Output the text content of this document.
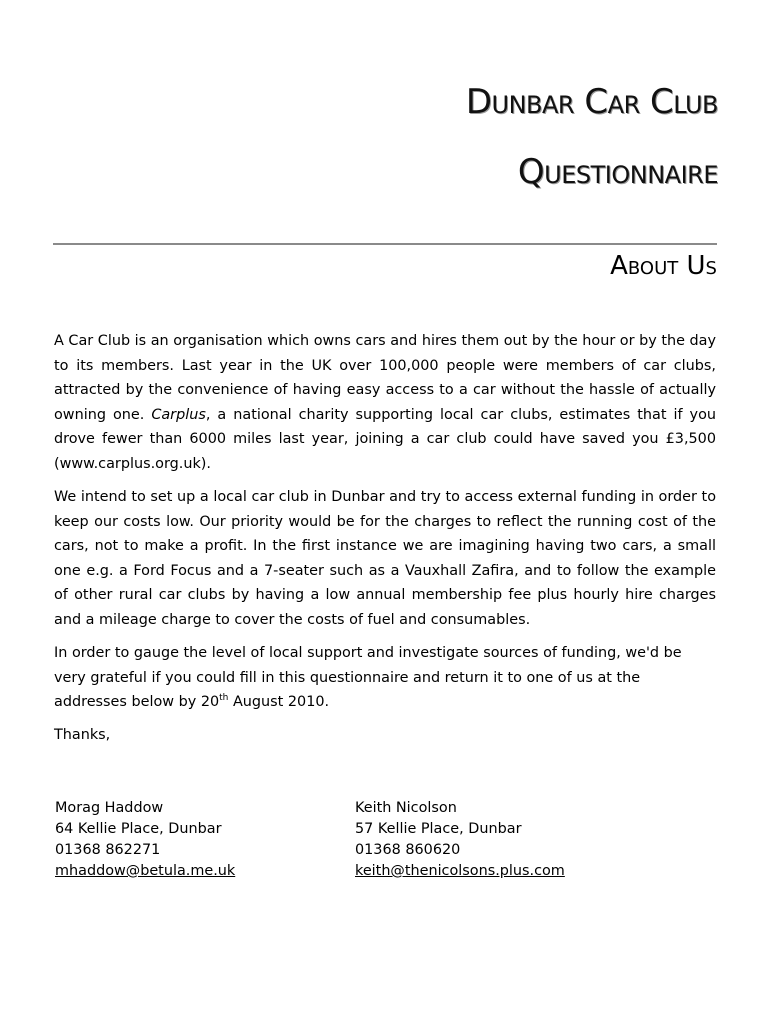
Dunbar Car Club
Questionnaire
About Us

A Car Club is an organisation which owns cars and hires them out by the hour or by the day to its members. Last year in the UK over 100,000 people were members of car clubs, attracted by the convenience of having easy access to a car without the hassle of actually owning one. Carplus, a national charity supporting local car clubs, estimates that if you drove fewer than 6000 miles last year, joining a car club could have saved you £3,500 (www.carplus.org.uk).

We intend to set up a local car club in Dunbar and try to access external funding in order to keep our costs low. Our priority would be for the charges to reflect the running cost of the cars, not to make a profit. In the first instance we are imagining having two cars, a small one e.g. a Ford Focus and a 7-seater such as a Vauxhall Zafira, and to follow the example of other rural car clubs by having a low annual membership fee plus hourly hire charges and a mileage charge to cover the costs of fuel and consumables.

In order to gauge the level of local support and investigate sources of funding, we'd be very grateful if you could fill in this questionnaire and return it to one of us at the addresses below by 20th August 2010.

Thanks,

Morag Haddow
64 Kellie Place, Dunbar
01368 862271
mhaddow@betula.me.uk
Keith Nicolson
57 Kellie Place, Dunbar
01368 860620
keith@thenicolsons.plus.com
